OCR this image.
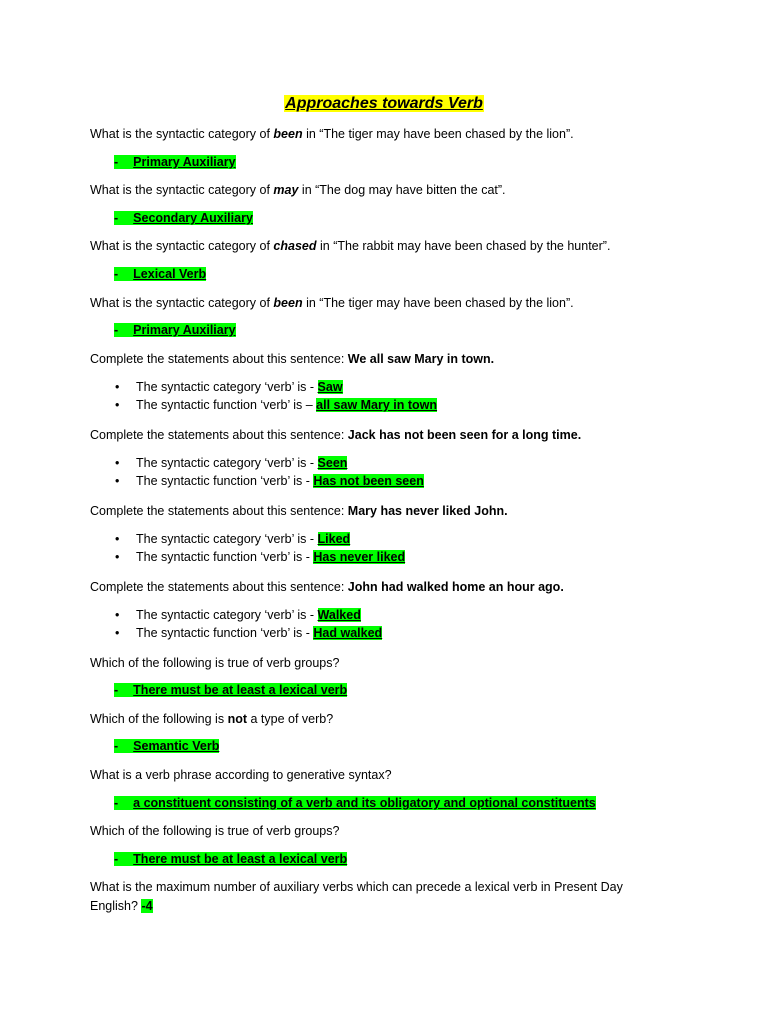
Approaches towards Verb
What is the syntactic category of been in “The tiger may have been chased by the lion”.
- Primary Auxiliary
What is the syntactic category of may in “The dog may have bitten the cat”.
- Secondary Auxiliary
What is the syntactic category of chased in “The rabbit may have been chased by the hunter”.
- Lexical Verb
What is the syntactic category of been in “The tiger may have been chased by the lion”.
- Primary Auxiliary
Complete the statements about this sentence: We all saw Mary in town.
• The syntactic category ‘verb’ is - Saw
• The syntactic function ‘verb’ is – all saw Mary in town
Complete the statements about this sentence: Jack has not been seen for a long time.
• The syntactic category ‘verb’ is - Seen
• The syntactic function ‘verb’ is - Has not been seen
Complete the statements about this sentence: Mary has never liked John.
• The syntactic category ‘verb’ is - Liked
• The syntactic function ‘verb’ is - Has never liked
Complete the statements about this sentence: John had walked home an hour ago.
• The syntactic category ‘verb’ is - Walked
• The syntactic function ‘verb’ is - Had walked
Which of the following is true of verb groups?
- There must be at least a lexical verb
Which of the following is not a type of verb?
- Semantic Verb
What is a verb phrase according to generative syntax?
- a constituent consisting of a verb and its obligatory and optional constituents
Which of the following is true of verb groups?
- There must be at least a lexical verb
What is the maximum number of auxiliary verbs which can precede a lexical verb in Present Day English? -4
